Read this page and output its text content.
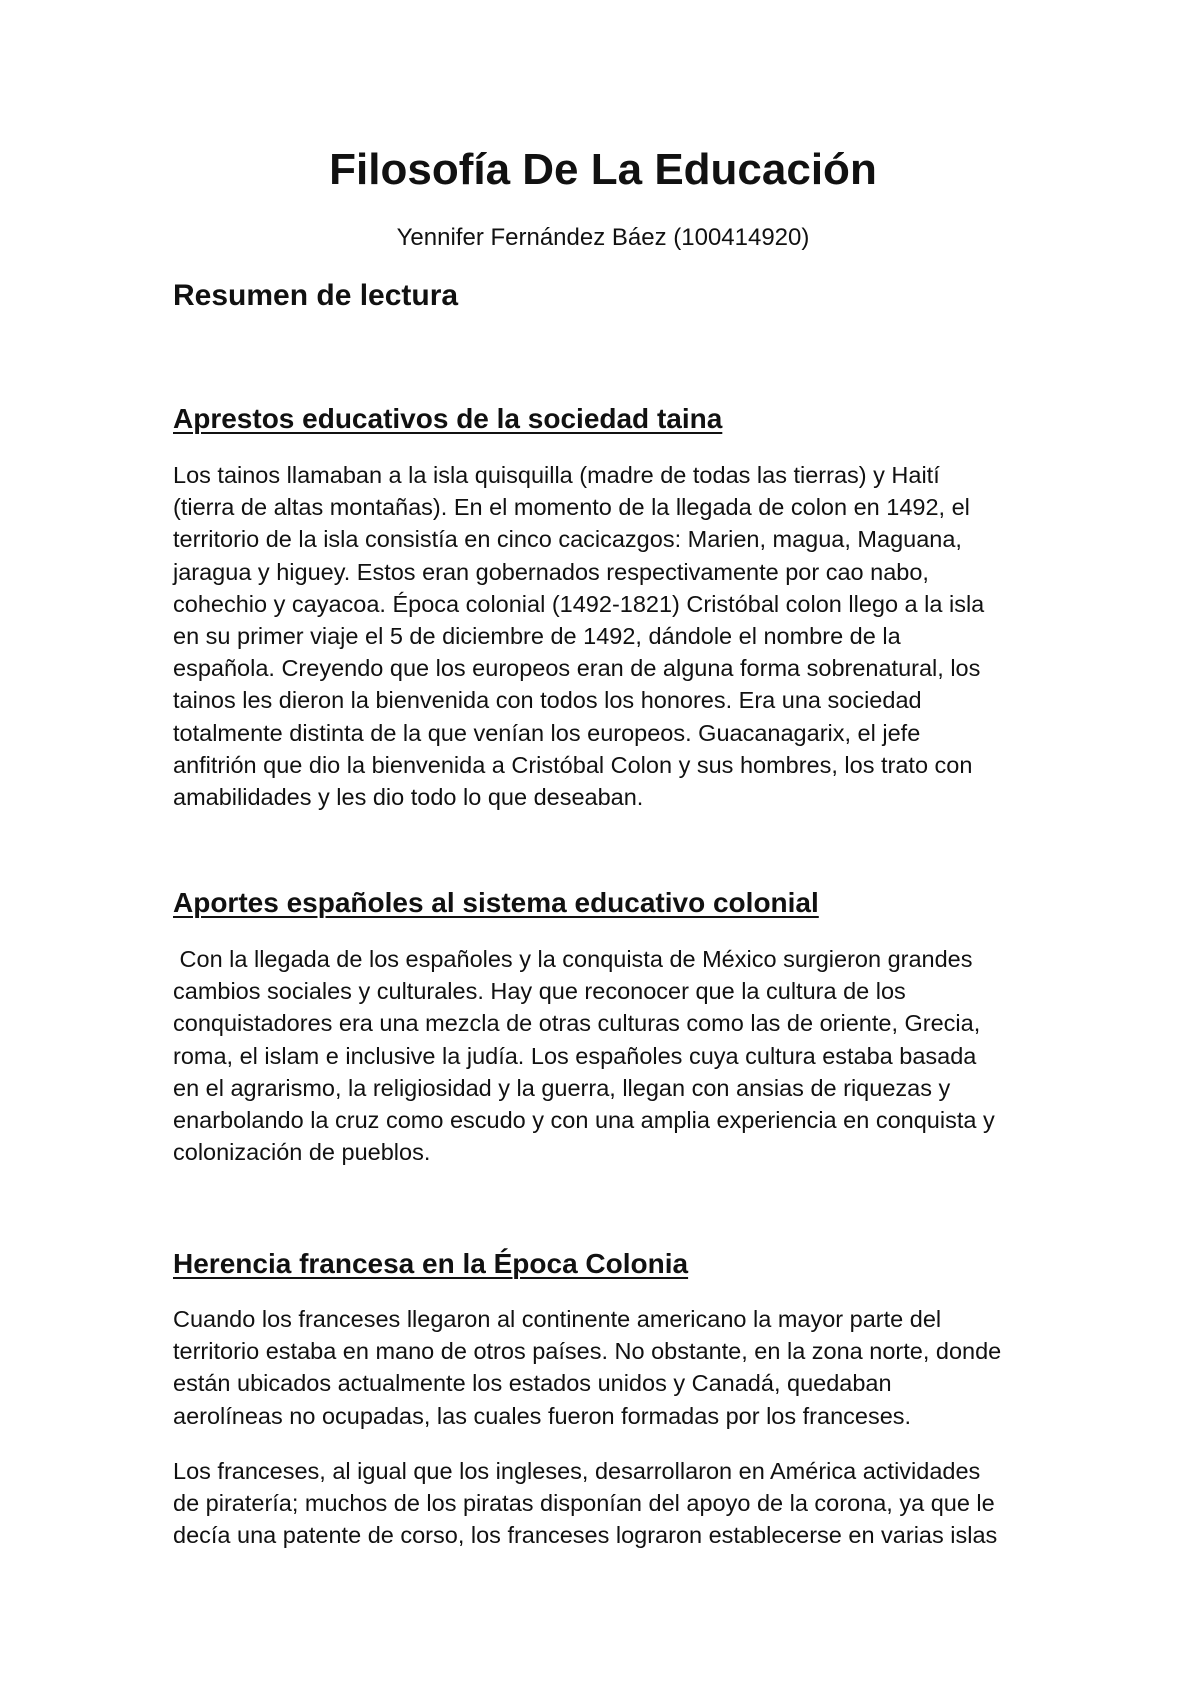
Filosofía De La Educación

Yennifer Fernández Báez (100414920)

Resumen de lectura
Aprestos educativos de la sociedad taina
Los tainos llamaban a la isla quisquilla (madre de todas las tierras) y Haití
(tierra de altas montañas). En el momento de la llegada de colon en 1492, el
territorio de la isla consistía en cinco cacicazgos: Marien, magua, Maguana,
jaragua y higuey. Estos eran gobernados respectivamente por cao nabo,
cohechio y cayacoa. Época colonial (1492-1821) Cristóbal colon llego a la isla
en su primer viaje el 5 de diciembre de 1492, dándole el nombre de la
española. Creyendo que los europeos eran de alguna forma sobrenatural, los
tainos les dieron la bienvenida con todos los honores. Era una sociedad
totalmente distinta de la que venían los europeos. Guacanagarix, el jefe
anfitrión que dio la bienvenida a Cristóbal Colon y sus hombres, los trato con
amabilidades y les dio todo lo que deseaban.
Aportes españoles al sistema educativo colonial
Con la llegada de los españoles y la conquista de México surgieron grandes
cambios sociales y culturales. Hay que reconocer que la cultura de los
conquistadores era una mezcla de otras culturas como las de oriente, Grecia,
roma, el islam e inclusive la judía. Los españoles cuya cultura estaba basada
en el agrarismo, la religiosidad y la guerra, llegan con ansias de riquezas y
enarbolando la cruz como escudo y con una amplia experiencia en conquista y
colonización de pueblos.
Herencia francesa en la Época Colonia
Cuando los franceses llegaron al continente americano la mayor parte del
territorio estaba en mano de otros países. No obstante, en la zona norte, donde
están ubicados actualmente los estados unidos y Canadá, quedaban
aerolíneas no ocupadas, las cuales fueron formadas por los franceses.
Los franceses, al igual que los ingleses, desarrollaron en América actividades
de piratería; muchos de los piratas disponían del apoyo de la corona, ya que le
decía una patente de corso, los franceses lograron establecerse en varias islas
